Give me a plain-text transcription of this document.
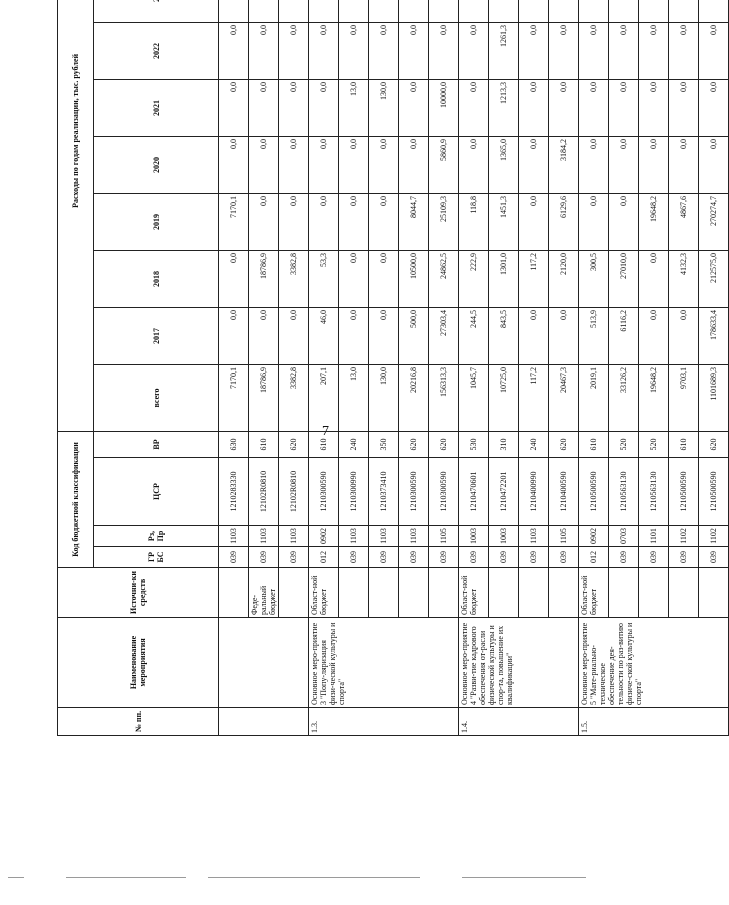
7
№ пп.	Наименование мероприятия	Источни-ки средств	Код бюджетной классификации				Расходы по годам реализации, тыс. рублей									
			ГР БС	Рз, Пр	ЦСР	ВР	всего	2017	2018	2019	2020	2021	2022			
			039	1103	1210283330	630	7170,1	0,0	0,0	7170,1	0,0	0,0	0,0			
		Феде-ральный бюджет	039	1103	12102R0810	610	18786,9	0,0	18786,9	0,0	0,0	0,0	0,0			
			039	1103	12102R0810	620	3382,8	0,0	3382,8	0,0	0,0	0,0	0,0			
1.3.	Основное меро-приятие 3 "Попу-ляризация физи-ческой культуры и спорта"	Област-ной бюджет	012	0902	1210300590	610	207,1	46,0	53,3	0,0	0,0	0,0	0,0			
			039	1103	1210300990	240	13,0	0,0	0,0	0,0	0,0	13,0	0,0			
			039	1103	1210373410	350	130,0	0,0	0,0	0,0	0,0	130,0	0,0			
			039	1103	1210300590	620	20216,8	500,0	10500,0	8044,7	0,0	0,0	0,0			
			039	1105	1210300590	620	156313,3	27303,4	24862,5	25109,3	5860,9	10000,0	0,0			
1.4.	Основное меро-приятие 4 "Разви-тие кадрового обеспечения от-расли физической культуры и спор-та, повышение их квалификации"	Област-ной бюджет	039	1003	1210470601	530	1045,7	244,5	222,9	118,8	0,0	0,0	0,0			
			039	1003	1210472201	310	10725,0	843,5	1301,0	1451,3	1365,0	1213,3	1261,3			
			039	1103	1210400990	240	117,2	0,0	117,2	0,0	0,0	0,0	0,0			
			039	1105	1210400590	620	20467,3	0,0	2120,0	6129,6	3184,2	0,0	0,0			
1.5.	Основное меро-приятие 5 "Мате-риально-техническое обеспечение дея-тельности по раз-витию физиче-ской культуры и спорта"	Област-ной бюджет	012	0902	1210500590	610	2019,1	513,9	300,5	0,0	0,0	0,0	0,0			
			039	0703	1210563130	520	33126,2	6116,2	27010,0	0,0	0,0	0,0	0,0			
			039	1101	1210563130	520	19648,2	0,0	0,0	19648,2	0,0	0,0	0,0			
			039	1102	1210500590	610	9703,1	0,0	4132,3	4867,6	0,0	0,0	0,0			
			039	1102	1210500590	620	1101689,3	178633,4	212575,0	270274,7	0,0	0,0	0,0			
